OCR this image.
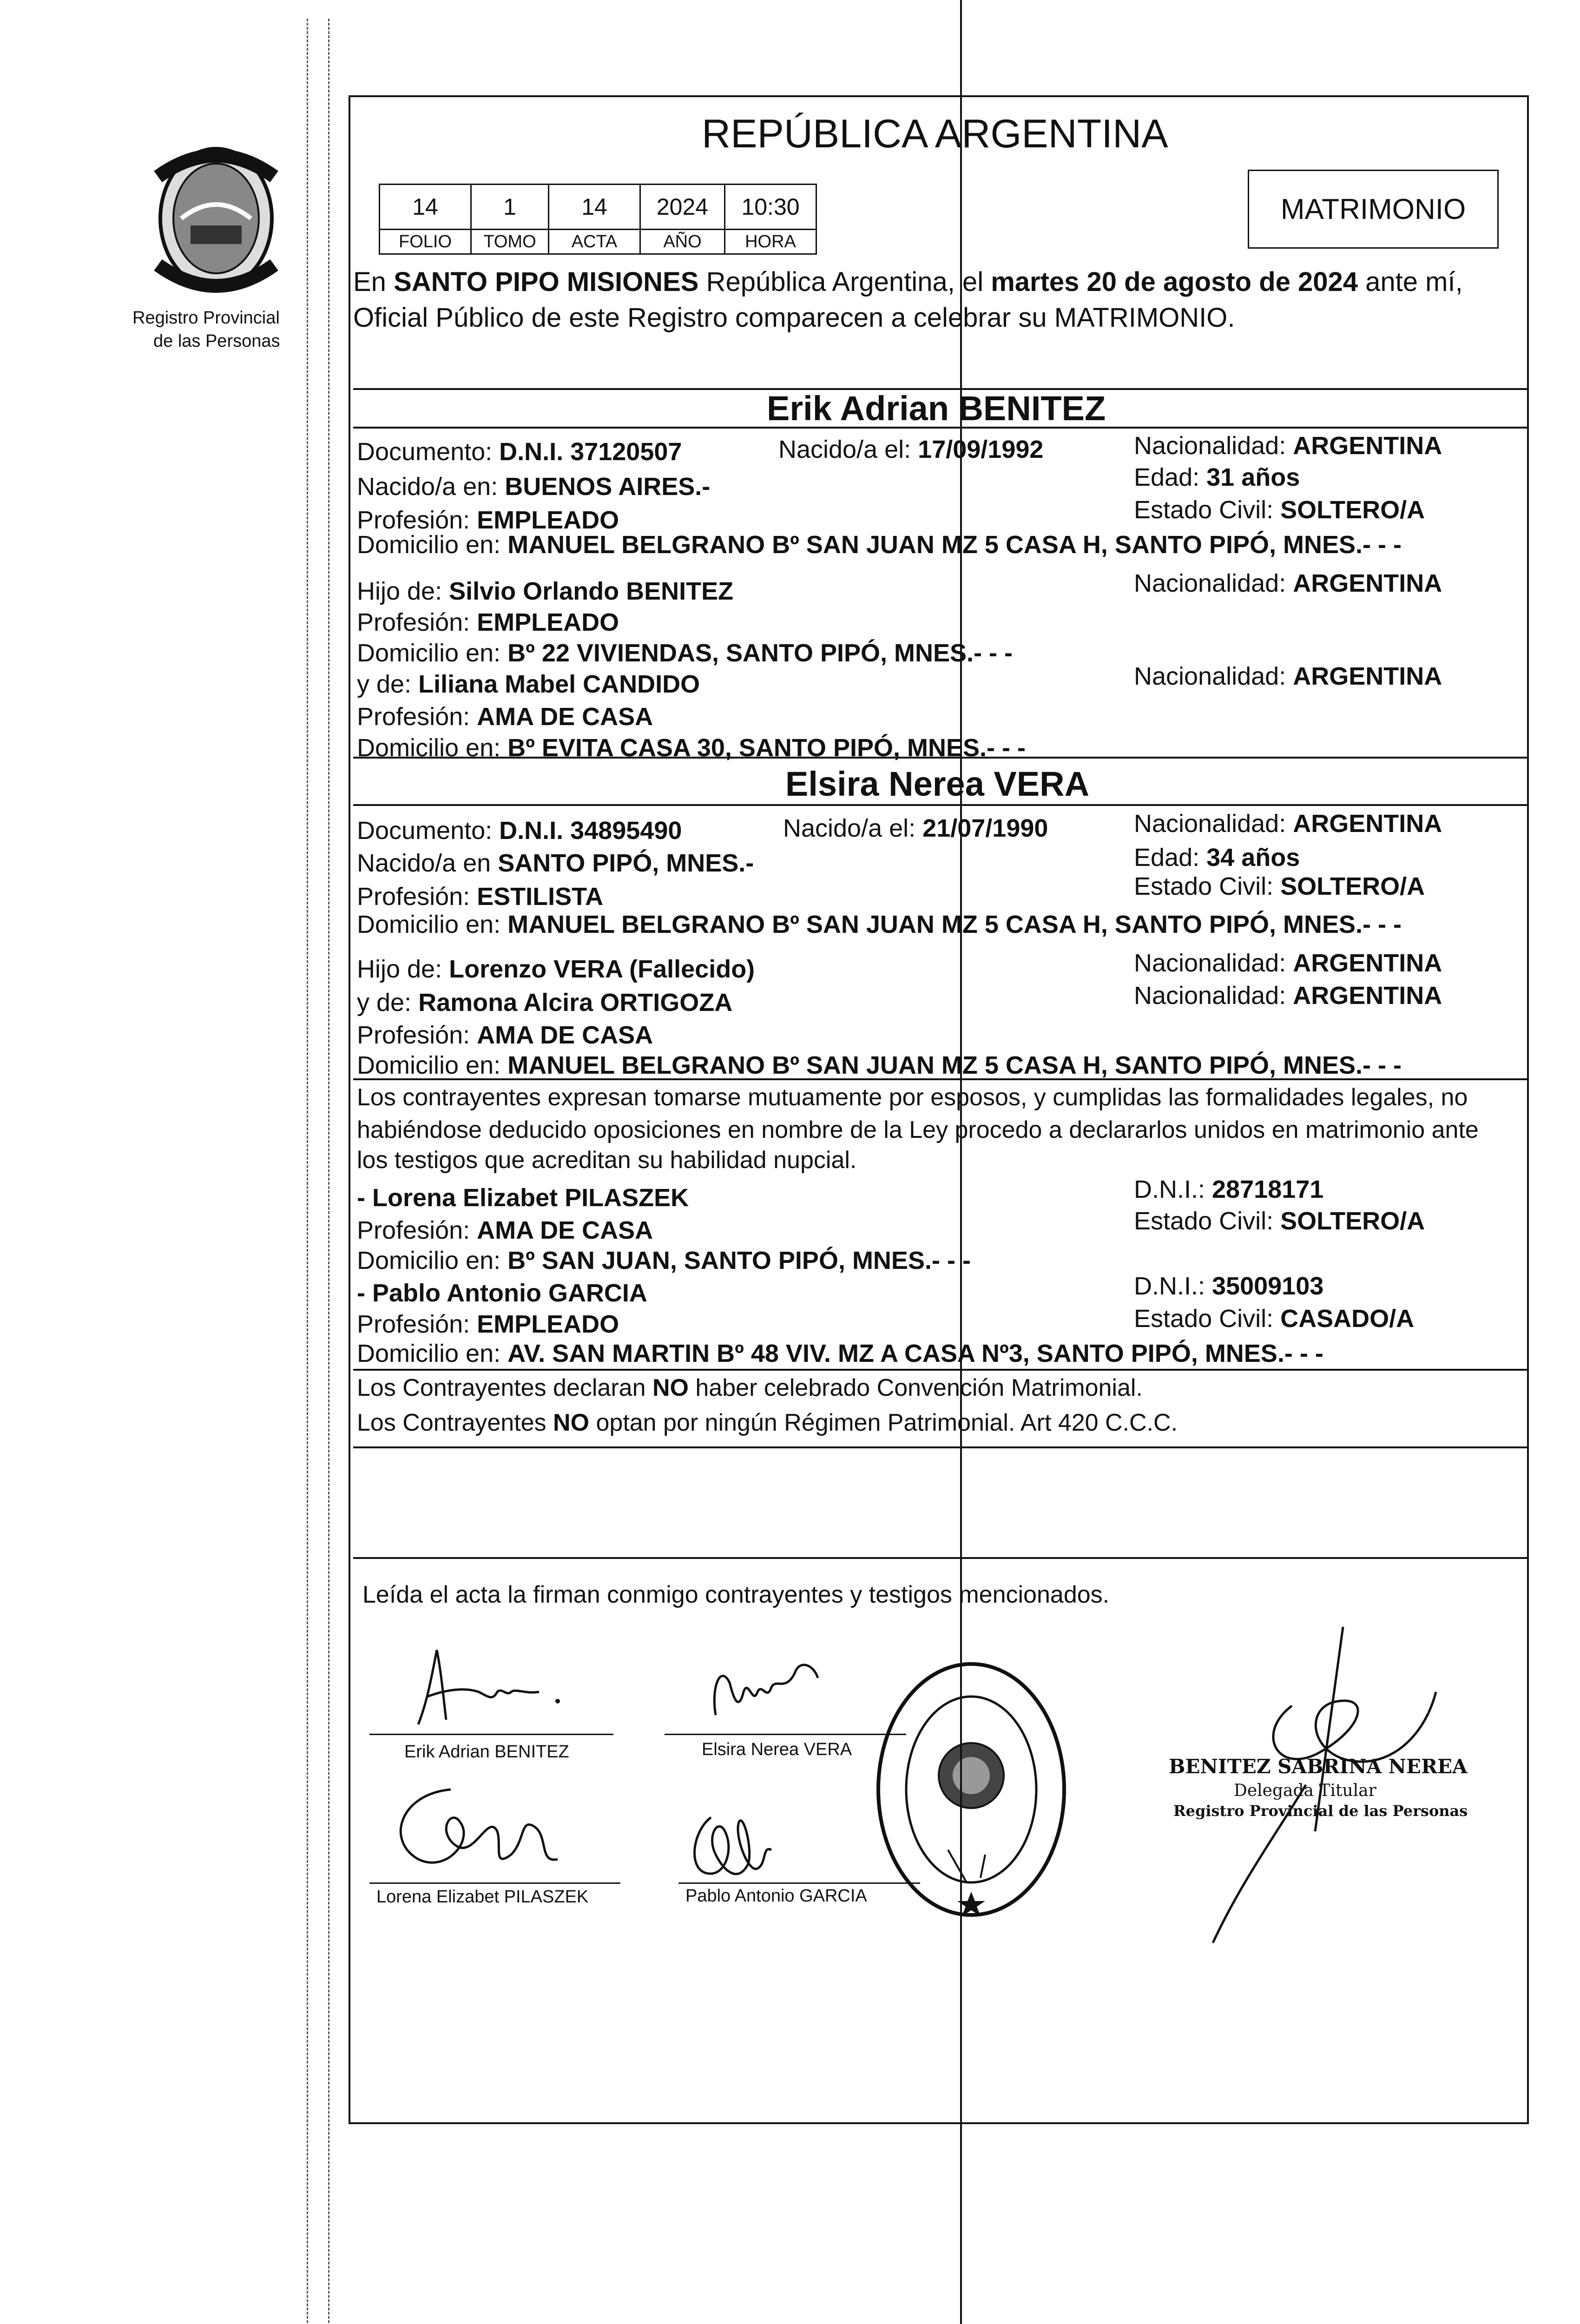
Registro Provincial
de las Personas
REPÚBLICA ARGENTINA
14	1	14	2024	10:30
FOLIO	TOMO	ACTA	AÑO	HORA
MATRIMONIO
En SANTO PIPO MISIONES República Argentina, el martes 20 de agosto de 2024 ante mí,
Oficial Público de este Registro comparecen a celebrar su MATRIMONIO.
Erik Adrian BENITEZ
Documento: D.N.I. 37120507	Nacido/a el: 17/09/1992	Nacionalidad: ARGENTINA
Nacido/a en: BUENOS AIRES.-	Edad: 31 años
Profesión: EMPLEADO	Estado Civil: SOLTERO/A
Domicilio en: MANUEL BELGRANO Bº SAN JUAN MZ 5 CASA H, SANTO PIPÓ, MNES.- - -
Hijo de: Silvio Orlando BENITEZ	Nacionalidad: ARGENTINA
Profesión: EMPLEADO
Domicilio en: Bº 22 VIVIENDAS, SANTO PIPÓ, MNES.- - -
y de: Liliana Mabel CANDIDO	Nacionalidad: ARGENTINA
Profesión: AMA DE CASA
Domicilio en: Bº EVITA CASA 30, SANTO PIPÓ, MNES.- - -
Elsira Nerea VERA
Documento: D.N.I. 34895490	Nacido/a el: 21/07/1990	Nacionalidad: ARGENTINA
Nacido/a en SANTO PIPÓ, MNES.-	Edad: 34 años
Profesión: ESTILISTA	Estado Civil: SOLTERO/A
Domicilio en: MANUEL BELGRANO Bº SAN JUAN MZ 5 CASA H, SANTO PIPÓ, MNES.- - -
Hijo de: Lorenzo VERA (Fallecido)	Nacionalidad: ARGENTINA
y de: Ramona Alcira ORTIGOZA	Nacionalidad: ARGENTINA
Profesión: AMA DE CASA
Domicilio en: MANUEL BELGRANO Bº SAN JUAN MZ 5 CASA H, SANTO PIPÓ, MNES.- - -
Los contrayentes expresan tomarse mutuamente por esposos, y cumplidas las formalidades legales, no
habiéndose deducido oposiciones en nombre de la Ley procedo a declararlos unidos en matrimonio ante
los testigos que acreditan su habilidad nupcial.
- Lorena Elizabet PILASZEK	D.N.I.: 28718171
Profesión: AMA DE CASA	Estado Civil: SOLTERO/A
Domicilio en: Bº SAN JUAN, SANTO PIPÓ, MNES.- - -
- Pablo Antonio GARCIA	D.N.I.: 35009103
Profesión: EMPLEADO	Estado Civil: CASADO/A
Domicilio en: AV. SAN MARTIN Bº 48 VIV. MZ A CASA Nº3, SANTO PIPÓ, MNES.- - -
Los Contrayentes declaran NO haber celebrado Convención Matrimonial.
Los Contrayentes NO optan por ningún Régimen Patrimonial. Art 420 C.C.C.
Leída el acta la firman conmigo contrayentes y testigos mencionados.
Erik Adrian BENITEZ	Elsira Nerea VERA
Lorena Elizabet PILASZEK	Pablo Antonio GARCIA
BENITEZ SABRINA NEREA
Delegada Titular
Registro Provincial de las Personas
